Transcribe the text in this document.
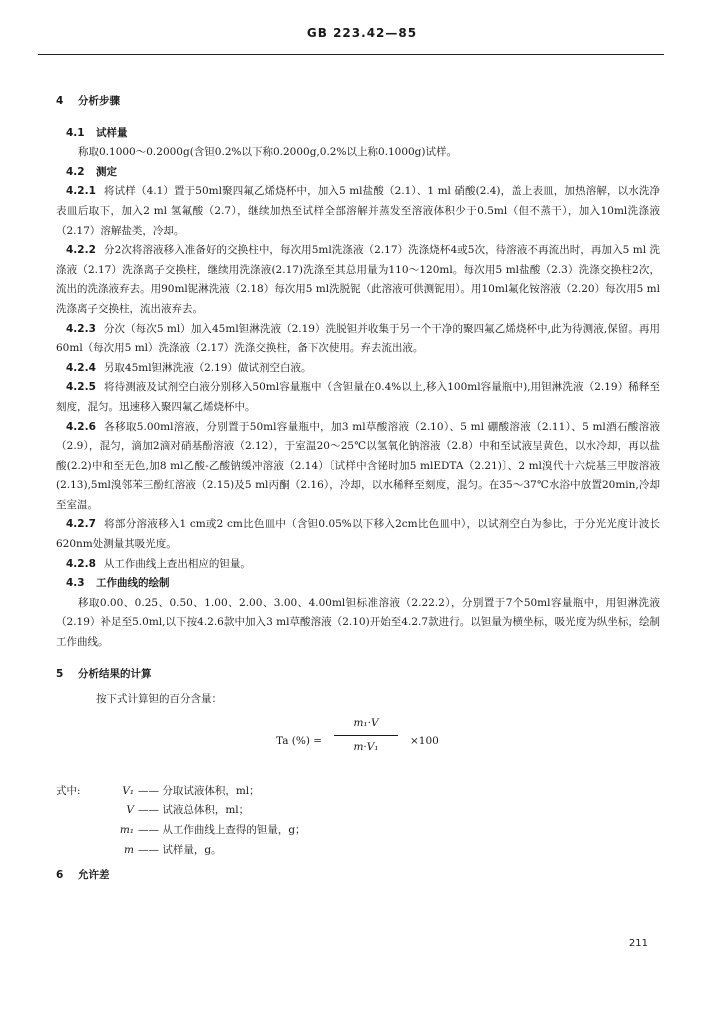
GB 223.42—85

4 分析步骤

4.1 试样量

称取0.1000～0.2000g(含钽0.2%以下称0.2000g,0.2%以上称0.1000g)试样。

4.2 测定

4.2.1 将试样（4.1）置于50ml聚四氟乙烯烧杯中，加入5 ml盐酸（2.1）、1 ml 硝酸(2.4)，盖上表皿，加热溶解，以水洗净表皿后取下，加入2 ml 氢氟酸（2.7），继续加热至试样全部溶解并蒸发至溶液体积少于0.5ml（但不蒸干），加入10ml洗涤液（2.17）溶解盐类，冷却。

4.2.2 分2次将溶液移入准备好的交换柱中，每次用5ml洗涤液（2.17）洗涤烧杯4或5次，待溶液不再流出时，再加入5 ml 洗涤液（2.17）洗涤离子交换柱，继续用洗涤液(2.17)洗涤至其总用量为110～120ml。每次用5 ml盐酸（2.3）洗涤交换柱2次，流出的洗涤液弃去。用90ml铌淋洗液（2.18）每次用5 ml洗脱铌（此溶液可供测铌用）。用10ml氟化铵溶液（2.20）每次用5 ml洗涤离子交换柱，流出液弃去。

4.2.3 分次（每次5 ml）加入45ml钽淋洗液（2.19）洗脱钽并收集于另一个干净的聚四氟乙烯烧杯中,此为待测液,保留。再用60ml（每次用5 ml）洗涤液（2.17）洗涤交换柱，备下次使用。弃去流出液。

4.2.4 另取45ml钽淋洗液（2.19）做试剂空白液。

4.2.5 将待测液及试剂空白液分别移入50ml容量瓶中（含钽量在0.4%以上,移入100ml容量瓶中),用钽淋洗液（2.19）稀释至刻度，混匀。迅速移入聚四氟乙烯烧杯中。

4.2.6 各移取5.00ml溶液，分别置于50ml容量瓶中，加3 ml草酸溶液（2.10）、5 ml 硼酸溶液（2.11）、5 ml酒石酸溶液（2.9），混匀，滴加2滴对硝基酚溶液（2.12），于室温20～25℃以氢氧化钠溶液（2.8）中和至试液呈黄色，以水冷却，再以盐酸(2.2)中和至无色,加8 ml乙酸-乙酸钠缓冲溶液（2.14）〔试样中含铋时加5 mlEDTA（2.21)〕、2 ml溴代十六烷基三甲胺溶液(2.13),5ml溴邻苯三酚红溶液（2.15)及5 ml丙酮（2.16），冷却，以水稀释至刻度，混匀。在35～37℃水浴中放置20min,冷却至室温。

4.2.7 将部分溶液移入1 cm或2 cm比色皿中（含钽0.05%以下移入2cm比色皿中），以试剂空白为参比，于分光光度计波长620nm处测量其吸光度。

4.2.8 从工作曲线上查出相应的钽量。

4.3 工作曲线的绘制

移取0.00、0.25、0.50、1.00、2.00、3.00、4.00ml钽标准溶液（2.22.2），分别置于7个50ml容量瓶中，用钽淋洗液（2.19）补足至5.0ml,以下按4.2.6款中加入3 ml草酸溶液（2.10)开始至4.2.7款进行。以钽量为横坐标，吸光度为纵坐标，绘制工作曲线。

5 分析结果的计算

按下式计算钽的百分含量：

Ta (%) = $\frac{\text{m₁·V}}{\text{m·V₁}} \times 100$
式中:	V₁ —— 分取试液体积，ml；
V —— 试液总体积，ml；
m₁ —— 从工作曲线上查得的钽量，g；
m —— 试样量，g。

6 允许差

211
